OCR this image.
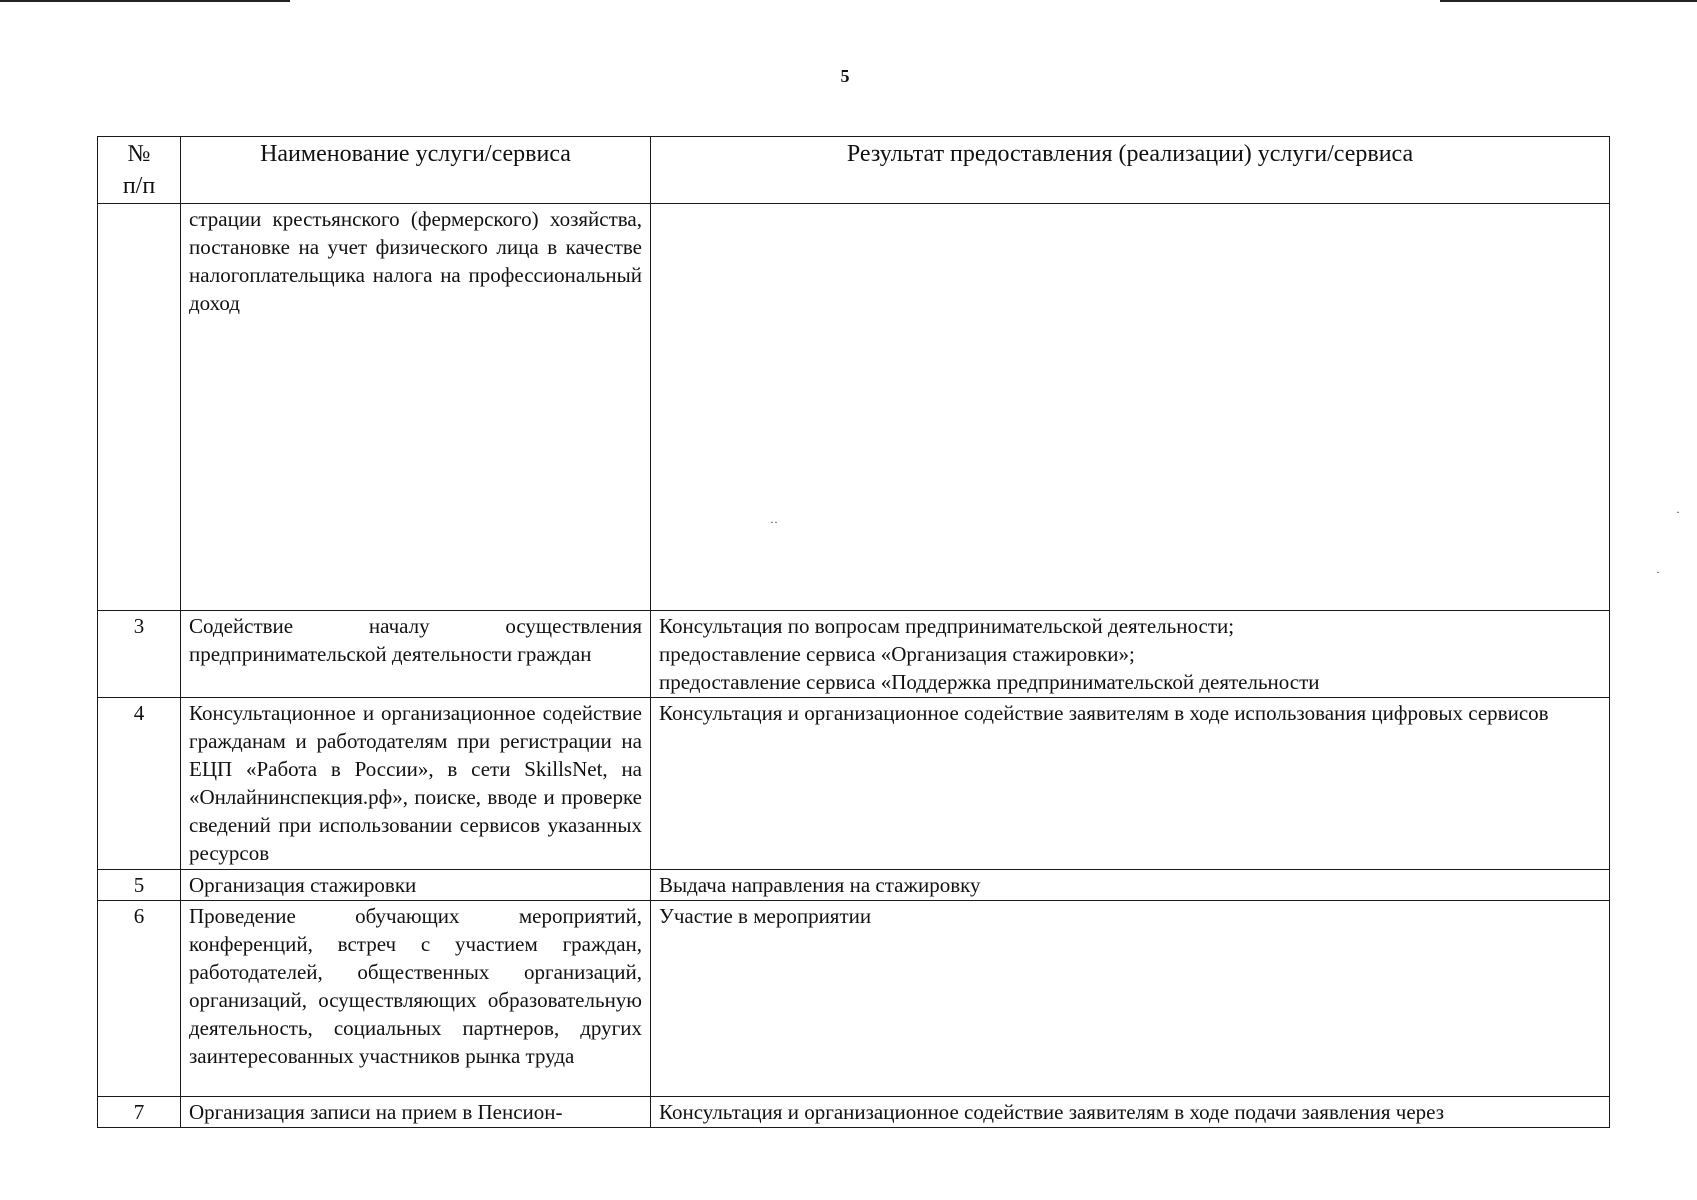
5
№
п/п	Наименование услуги/сервиса	Результат предоставления (реализации) услуги/сервиса
	страции крестьянского (фермерского) хозяйства, постановке на учет физического лица в качестве налогоплательщика налога на профессиональный доход	
3	Содействие началу осуществления предпринимательской деятельности граждан	Консультация по вопросам предпринимательской деятельности;
предоставление сервиса «Организация стажировки»;
предоставление сервиса «Поддержка предпринимательской деятельности

4	Консультационное и организационное содействие гражданам и работодателям при регистрации на ЕЦП «Работа в России», в сети SkillsNet, на «Онлайнинспекция.рф», поиске, вводе и проверке сведений при использовании сервисов указанных ресурсов	Консультация и организационное содействие заявителям в ходе использования цифровых сервисов
5	Организация стажировки	Выдача направления на стажировку
6	Проведение обучающих мероприятий, конференций, встреч с участием граждан, работодателей, общественных организаций, организаций, осуществляющих образовательную деятельность, социальных партнеров, других заинтересованных участников рынка труда	Участие в мероприятии
7	Организация записи на прием в Пенсион-	Консультация и организационное содействие заявителям в ходе подачи заявления через
··
·
·
